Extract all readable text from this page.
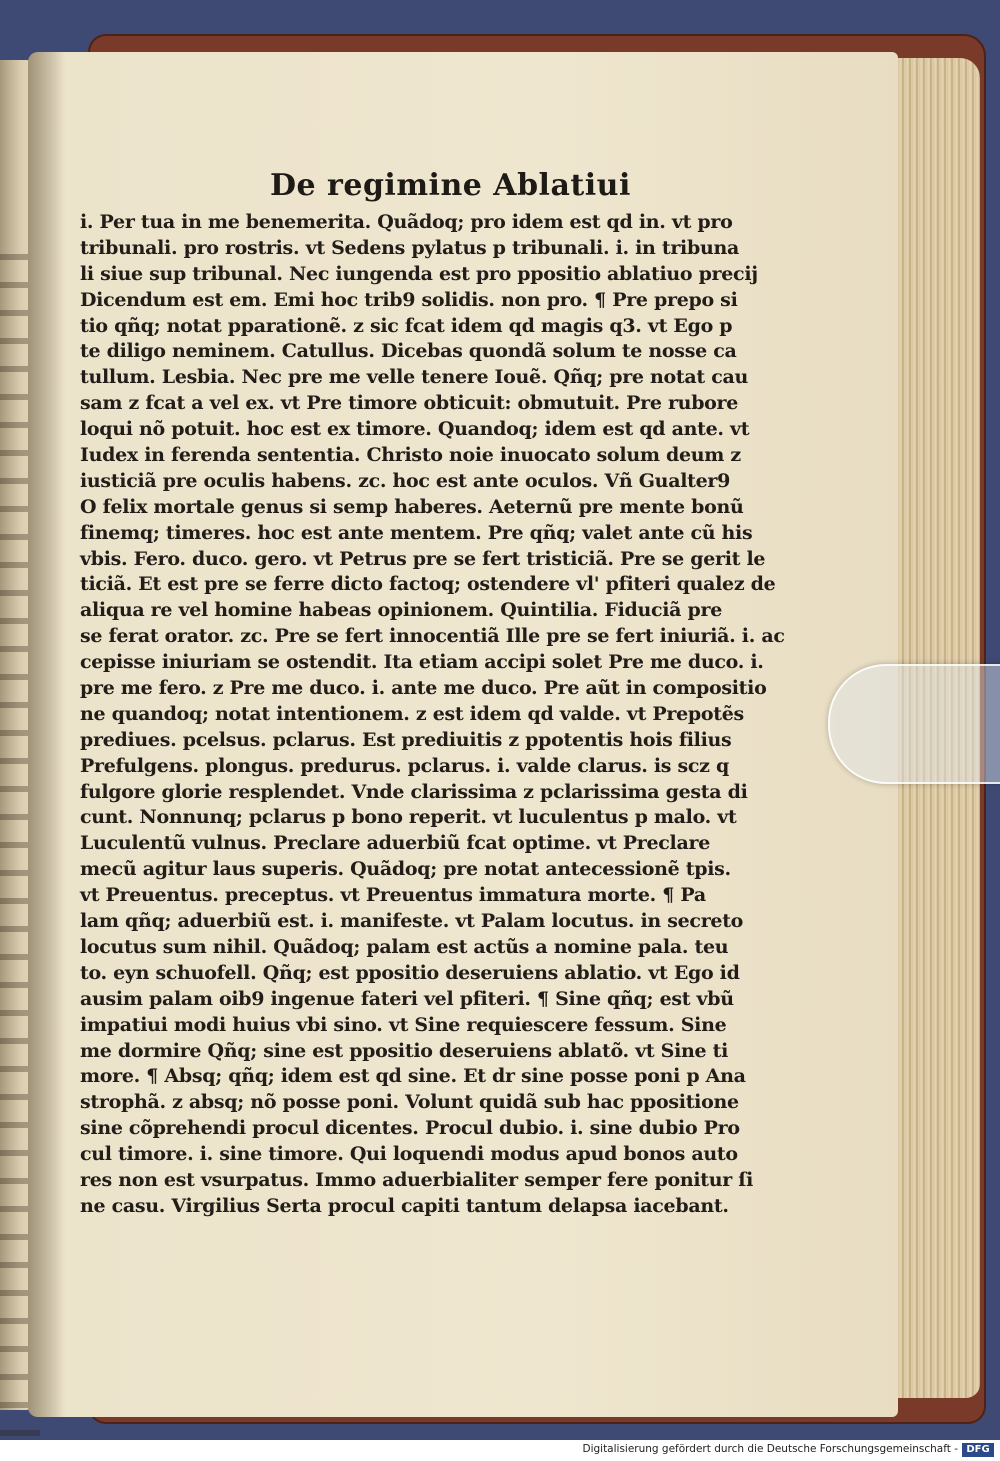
De regimine Ablatiui
i. Per tua in me benemerita. Quãdoq; pro idem est qd in. vt pro
tribunali. pro rostris. vt Sedens pylatus p tribunali. i. in tribuna
li siue sup tribunal. Nec iungenda est pro ppositio ablatiuo precij
Dicendum est em. Emi hoc trib9 solidis. non pro. ¶ Pre prepo si
tio qñq; notat pparationẽ. z sic fcat idem qd magis q3. vt Ego p
te diligo neminem. Catullus. Dicebas quondã solum te nosse ca
tullum. Lesbia. Nec pre me velle tenere Iouẽ. Qñq; pre notat cau
sam z fcat a vel ex. vt Pre timore obticuit: obmutuit. Pre rubore
loqui nõ potuit. hoc est ex timore. Quandoq; idem est qd ante. vt
Iudex in ferenda sententia. Christo noie inuocato solum deum z
iusticiã pre oculis habens. zc. hoc est ante oculos. Vñ Gualter9
O felix mortale genus si semp haberes. Aeternũ pre mente bonũ
finemq; timeres. hoc est ante mentem. Pre qñq; valet ante cũ his
vbis. Fero. duco. gero. vt Petrus pre se fert tristiciã. Pre se gerit le
ticiã. Et est pre se ferre dicto factoq; ostendere vl' pfiteri qualez de
aliqua re vel homine habeas opinionem. Quintilia. Fiduciã pre
se ferat orator. zc. Pre se fert innocentiã Ille pre se fert iniuriã. i. ac
cepisse iniuriam se ostendit. Ita etiam accipi solet Pre me duco. i.
pre me fero. z Pre me duco. i. ante me duco. Pre aũt in compositio
ne quandoq; notat intentionem. z est idem qd valde. vt Prepotẽs
prediues. pcelsus. pclarus. Est prediuitis z ppotentis hois filius
Prefulgens. plongus. predurus. pclarus. i. valde clarus. is scz q
fulgore glorie resplendet. Vnde clarissima z pclarissima gesta di
cunt. Nonnunq; pclarus p bono reperit. vt luculentus p malo. vt
Luculentũ vulnus. Preclare aduerbiũ fcat optime. vt Preclare
mecũ agitur laus superis. Quãdoq; pre notat antecessionẽ tpis.
vt Preuentus. preceptus. vt Preuentus immatura morte. ¶ Pa
lam qñq; aduerbiũ est. i. manifeste. vt Palam locutus. in secreto
locutus sum nihil. Quãdoq; palam est actũs a nomine pala. teu
to. eyn schuofell. Qñq; est ppositio deseruiens ablatio. vt Ego id
ausim palam oib9 ingenue fateri vel pfiteri. ¶ Sine qñq; est vbũ
impatiui modi huius vbi sino. vt Sine requiescere fessum. Sine
me dormire Qñq; sine est ppositio deseruiens ablatõ. vt Sine ti
more. ¶ Absq; qñq; idem est qd sine. Et dr sine posse poni p Ana
strophã. z absq; nõ posse poni. Volunt quidã sub hac ppositione
sine cõprehendi procul dicentes. Procul dubio. i. sine dubio Pro
cul timore. i. sine timore. Qui loquendi modus apud bonos auto
res non est vsurpatus. Immo aduerbialiter semper fere ponitur ſi
ne casu. Virgilius Serta procul capiti tantum delapsa iacebant.
Digitalisierung gefördert durch die Deutsche Forschungsgemeinschaft - DFG
